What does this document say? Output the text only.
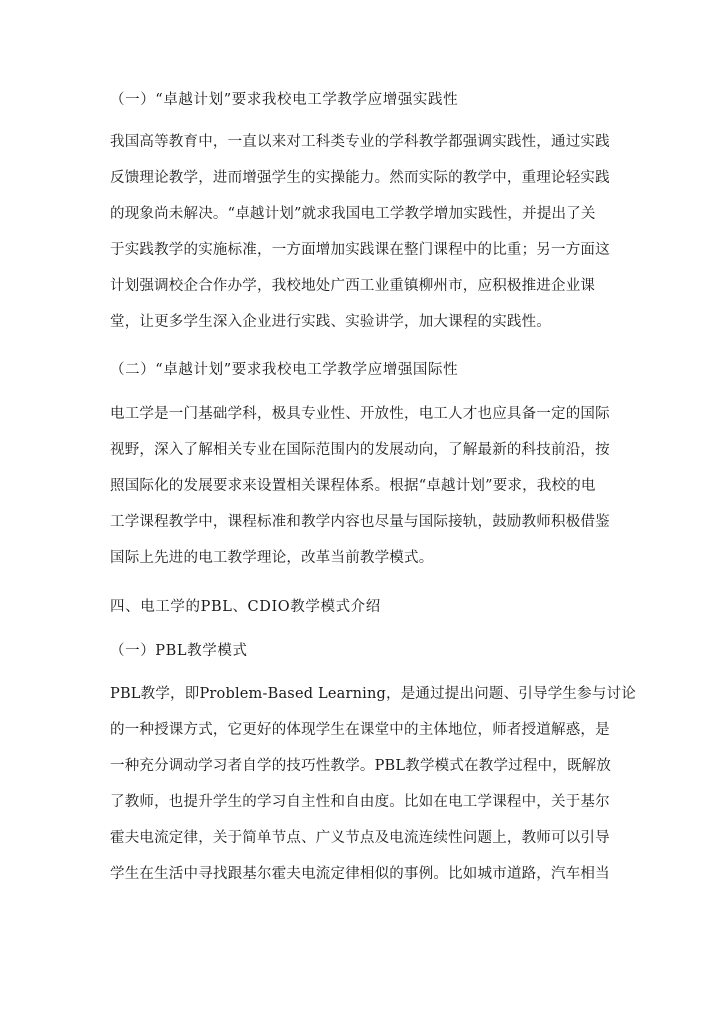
（一）“卓越计划”要求我校电工学教学应增强实践性
我国高等教育中，一直以来对工科类专业的学科教学都强调实践性，通过实践
反馈理论教学，进而增强学生的实操能力。然而实际的教学中，重理论轻实践
的现象尚未解决。“卓越计划”就求我国电工学教学增加实践性，并提出了关
于实践教学的实施标准，一方面增加实践课在整门课程中的比重；另一方面这
计划强调校企合作办学，我校地处广西工业重镇柳州市，应积极推进企业课
堂，让更多学生深入企业进行实践、实验讲学，加大课程的实践性。
（二）“卓越计划”要求我校电工学教学应增强国际性
电工学是一门基础学科，极具专业性、开放性，电工人才也应具备一定的国际
视野，深入了解相关专业在国际范围内的发展动向，了解最新的科技前沿，按
照国际化的发展要求来设置相关课程体系。根据“卓越计划”要求，我校的电
工学课程教学中，课程标准和教学内容也尽量与国际接轨，鼓励教师积极借鉴
国际上先进的电工教学理论，改革当前教学模式。
四、电工学的PBL、CDIO教学模式介绍
（一）PBL教学模式
PBL教学，即Problem-Based Learning，是通过提出问题、引导学生参与讨论
的一种授课方式，它更好的体现学生在课堂中的主体地位，师者授道解惑，是
一种充分调动学习者自学的技巧性教学。PBL教学模式在教学过程中，既解放
了教师，也提升学生的学习自主性和自由度。比如在电工学课程中，关于基尔
霍夫电流定律，关于简单节点、广义节点及电流连续性问题上，教师可以引导
学生在生活中寻找跟基尔霍夫电流定律相似的事例。比如城市道路，汽车相当
